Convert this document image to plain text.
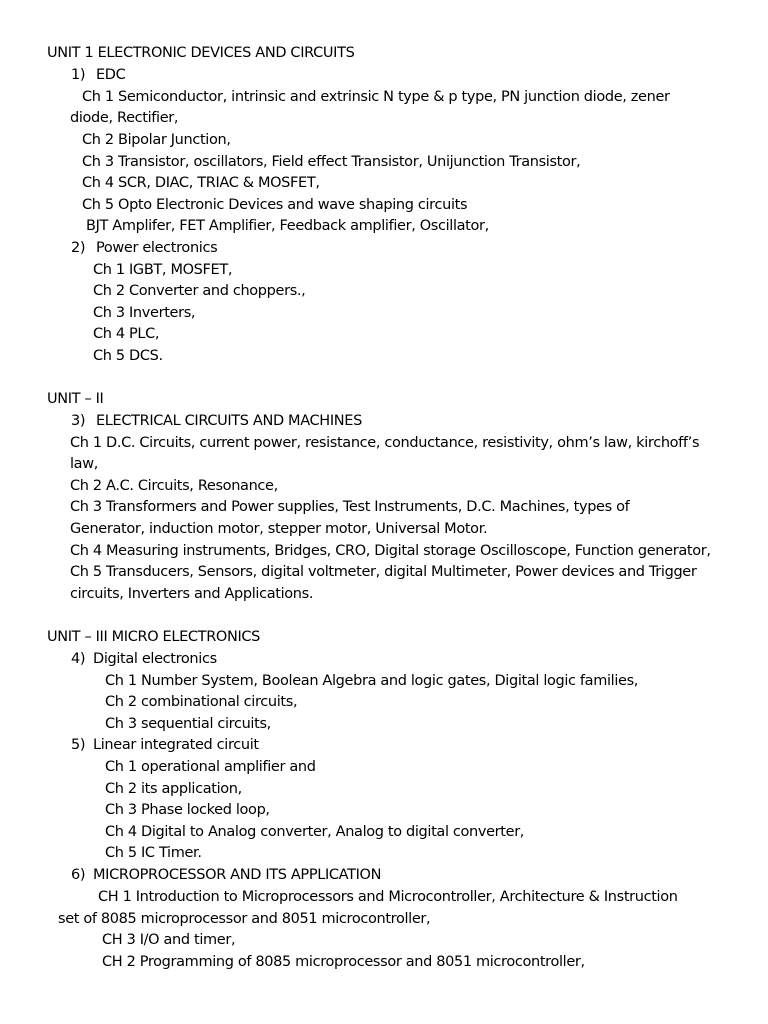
UNIT 1 ELECTRONIC DEVICES AND CIRCUITS
1) EDC
Ch 1 Semiconductor, intrinsic and extrinsic N type & p type, PN junction diode, zener
diode, Rectifier,
Ch 2 Bipolar Junction,
Ch 3 Transistor, oscillators, Field effect Transistor, Unijunction Transistor,
Ch 4 SCR, DIAC, TRIAC & MOSFET,
Ch 5 Opto Electronic Devices and wave shaping circuits
BJT Amplifer, FET Amplifier, Feedback amplifier, Oscillator,
2) Power electronics
Ch 1 IGBT, MOSFET,
Ch 2 Converter and choppers.,
Ch 3 Inverters,
Ch 4 PLC,
Ch 5 DCS.
UNIT – II
3) ELECTRICAL CIRCUITS AND MACHINES
Ch 1 D.C. Circuits, current power, resistance, conductance, resistivity, ohm’s law, kirchoff’s
law,
Ch 2 A.C. Circuits, Resonance,
Ch 3 Transformers and Power supplies, Test Instruments, D.C. Machines, types of
Generator, induction motor, stepper motor, Universal Motor.
Ch 4 Measuring instruments, Bridges, CRO, Digital storage Oscilloscope, Function generator,
Ch 5 Transducers, Sensors, digital voltmeter, digital Multimeter, Power devices and Trigger
circuits, Inverters and Applications.
UNIT – III MICRO ELECTRONICS
4) Digital electronics
Ch 1 Number System, Boolean Algebra and logic gates, Digital logic families,
Ch 2 combinational circuits,
Ch 3 sequential circuits,
5) Linear integrated circuit
Ch 1 operational amplifier and
Ch 2 its application,
Ch 3 Phase locked loop,
Ch 4 Digital to Analog converter, Analog to digital converter,
Ch 5 IC Timer.
6) MICROPROCESSOR AND ITS APPLICATION
CH 1 Introduction to Microprocessors and Microcontroller, Architecture & Instruction
set of 8085 microprocessor and 8051 microcontroller,
CH 3 I/O and timer,
CH 2 Programming of 8085 microprocessor and 8051 microcontroller,
